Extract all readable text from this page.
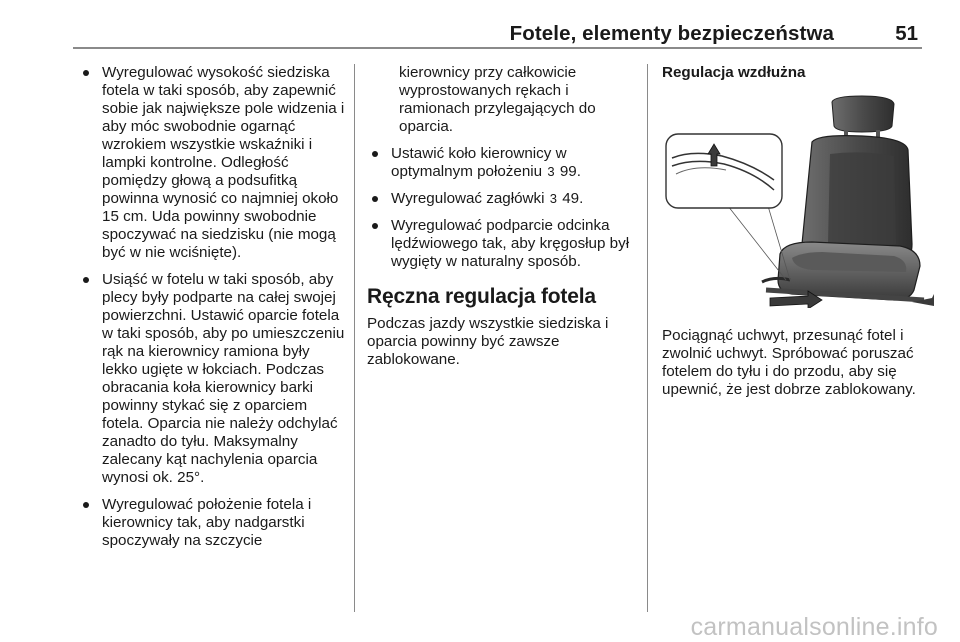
Fotele, elementy bezpieczeństwa	51
Wyregulować wysokość siedziska fotela w taki sposób, aby zapewnić sobie jak największe pole widzenia i aby móc swobodnie ogarnąć wzrokiem wszystkie wskaźniki i lampki kontrolne. Odległość pomiędzy głową a podsufitką powinna wynosić co najmniej około 15 cm. Uda powinny swobodnie spoczywać na siedzisku (nie mogą być w nie wciśnięte).
Usiąść w fotelu w taki sposób, aby plecy były podparte na całej swojej powierzchni. Ustawić oparcie fotela w taki sposób, aby po umieszczeniu rąk na kierownicy ramiona były lekko ugięte w łokciach. Podczas obracania koła kierownicy barki powinny stykać się z oparciem fotela. Oparcia nie należy odchylać zanadto do tyłu. Maksymalny zalecany kąt nachylenia oparcia wynosi ok. 25°.
Wyregulować położenie fotela i kierownicy tak, aby nadgarstki spoczywały na szczycie

kierownicy przy całkowicie wyprostowanych rękach i ramionach przylegających do oparcia.

Ustawić koło kierownicy w optymalnym położeniu 3 99.
Wyregulować zagłówki 3 49.
Wyregulować podparcie odcinka lędźwiowego tak, aby kręgosłup był wygięty w naturalny sposób.
Ręczna regulacja fotela

Podczas jazdy wszystkie siedziska i oparcia powinny być zawsze zablokowane.

Regulacja wzdłużna

Pociągnąć uchwyt, przesunąć fotel i zwolnić uchwyt. Spróbować poruszać fotelem do tyłu i do przodu, aby się upewnić, że jest dobrze zablokowany.

carmanualsonline.info
